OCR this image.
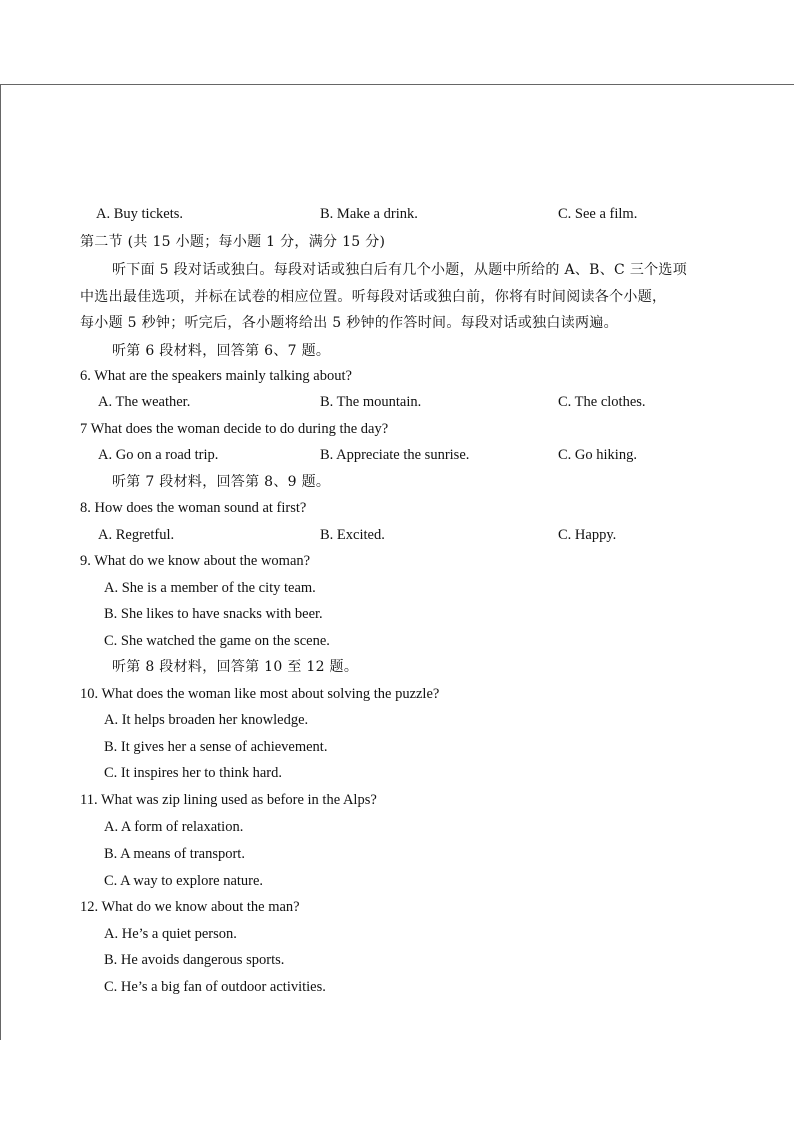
A. Buy tickets.	B. Make a drink.	C. See a film.
第二节 (共 15 小题；每小题 1 分，满分 15 分)
听下面 5 段对话或独白。每段对话或独白后有几个小题，从题中所给的 A、B、C 三个选项
中选出最佳选项，并标在试卷的相应位置。听每段对话或独白前，你将有时间阅读各个小题，
每小题 5 秒钟；听完后，各小题将给出 5 秒钟的作答时间。每段对话或独白读两遍。
听第 6 段材料，回答第 6、7 题。
6. What are the speakers mainly talking about?
A. The weather.	B. The mountain.	C. The clothes.
7 What does the woman decide to do during the day?
A. Go on a road trip.	B. Appreciate the sunrise.	C. Go hiking.
听第 7 段材料，回答第 8、9 题。
8. How does the woman sound at first?
A. Regretful.	B. Excited.	C. Happy.
9. What do we know about the woman?
A. She is a member of the city team.
B. She likes to have snacks with beer.
C. She watched the game on the scene.
听第 8 段材料，回答第 10 至 12 题。
10. What does the woman like most about solving the puzzle?
A. It helps broaden her knowledge.
B. It gives her a sense of achievement.
C. It inspires her to think hard.
11. What was zip lining used as before in the Alps?
A. A form of relaxation.
B. A means of transport.
C. A way to explore nature.
12. What do we know about the man?
A. He’s a quiet person.
B. He avoids dangerous sports.
C. He’s a big fan of outdoor activities.
